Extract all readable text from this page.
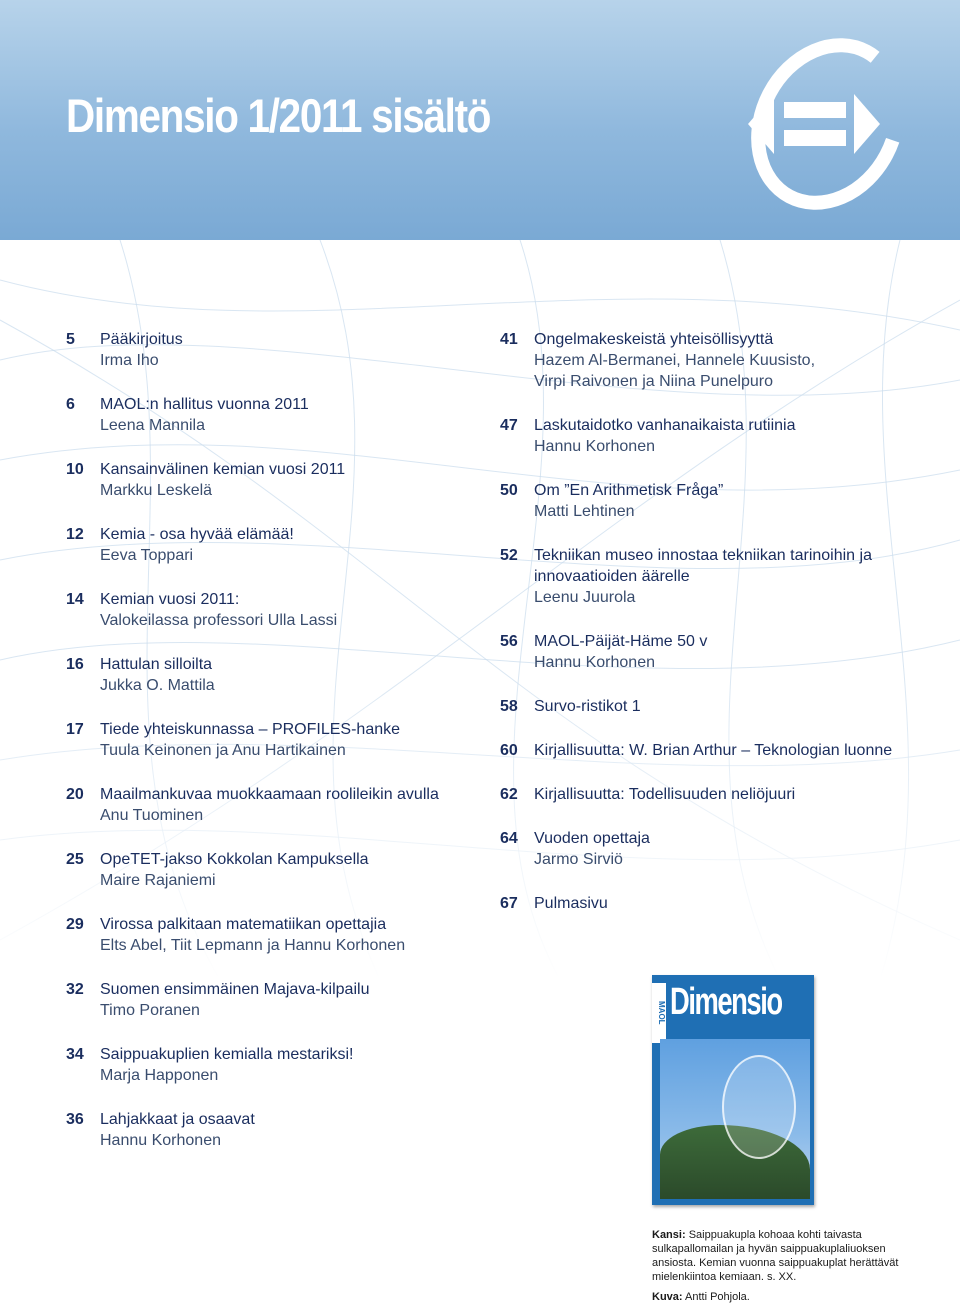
Dimensio 1/2011 sisältö
5	Pääkirjoitus
Irma Iho
6	MAOL:n hallitus vuonna 2011
Leena Mannila
10	Kansainvälinen kemian vuosi 2011
Markku Leskelä
12	Kemia - osa hyvää elämää!
Eeva Toppari
14	Kemian vuosi 2011:
Valokeilassa professori Ulla Lassi
16	Hattulan silloilta
Jukka O. Mattila
17	Tiede yhteiskunnassa – PROFILES-hanke
Tuula Keinonen ja Anu Hartikainen
20	Maailmankuvaa muokkaamaan roolileikin avulla
Anu Tuominen
25	OpeTET-jakso Kokkolan Kampuksella
Maire Rajaniemi
29	Virossa palkitaan matematiikan opettajia
Elts Abel, Tiit Lepmann ja Hannu Korhonen
32	Suomen ensimmäinen Majava-kilpailu
Timo Poranen
34	Saippuakuplien kemialla mestariksi!
Marja Happonen
36	Lahjakkaat ja osaavat
Hannu Korhonen
41	Ongelmakeskeistä yhteisöllisyyttä
Hazem Al-Bermanei, Hannele Kuusisto,
Virpi Raivonen ja Niina Punelpuro
47	Laskutaidotko vanhanaikaista rutiinia
Hannu Korhonen
50	Om ”En Arithmetisk Fråga”
Matti Lehtinen
52	Tekniikan museo innostaa tekniikan tarinoihin ja
innovaatioiden äärelle
Leenu Juurola
56	MAOL-Päijät-Häme 50 v
Hannu Korhonen
58	Survo-ristikot 1
60	Kirjallisuutta: W. Brian Arthur – Teknologian luonne
62	Kirjallisuutta: Todellisuuden neliöjuuri
64	Vuoden opettaja
Jarmo Sirviö
67	Pulmasivu
MAOL Dimensio
Kansi: Saippuakupla kohoaa kohti taivasta sulkapallomailan ja hyvän saippuakuplaliuoksen ansiosta. Kemian vuonna saippuakuplat herättävät mielenkiintoa kemiaan. s. XX.
Kuva: Antti Pohjola.
